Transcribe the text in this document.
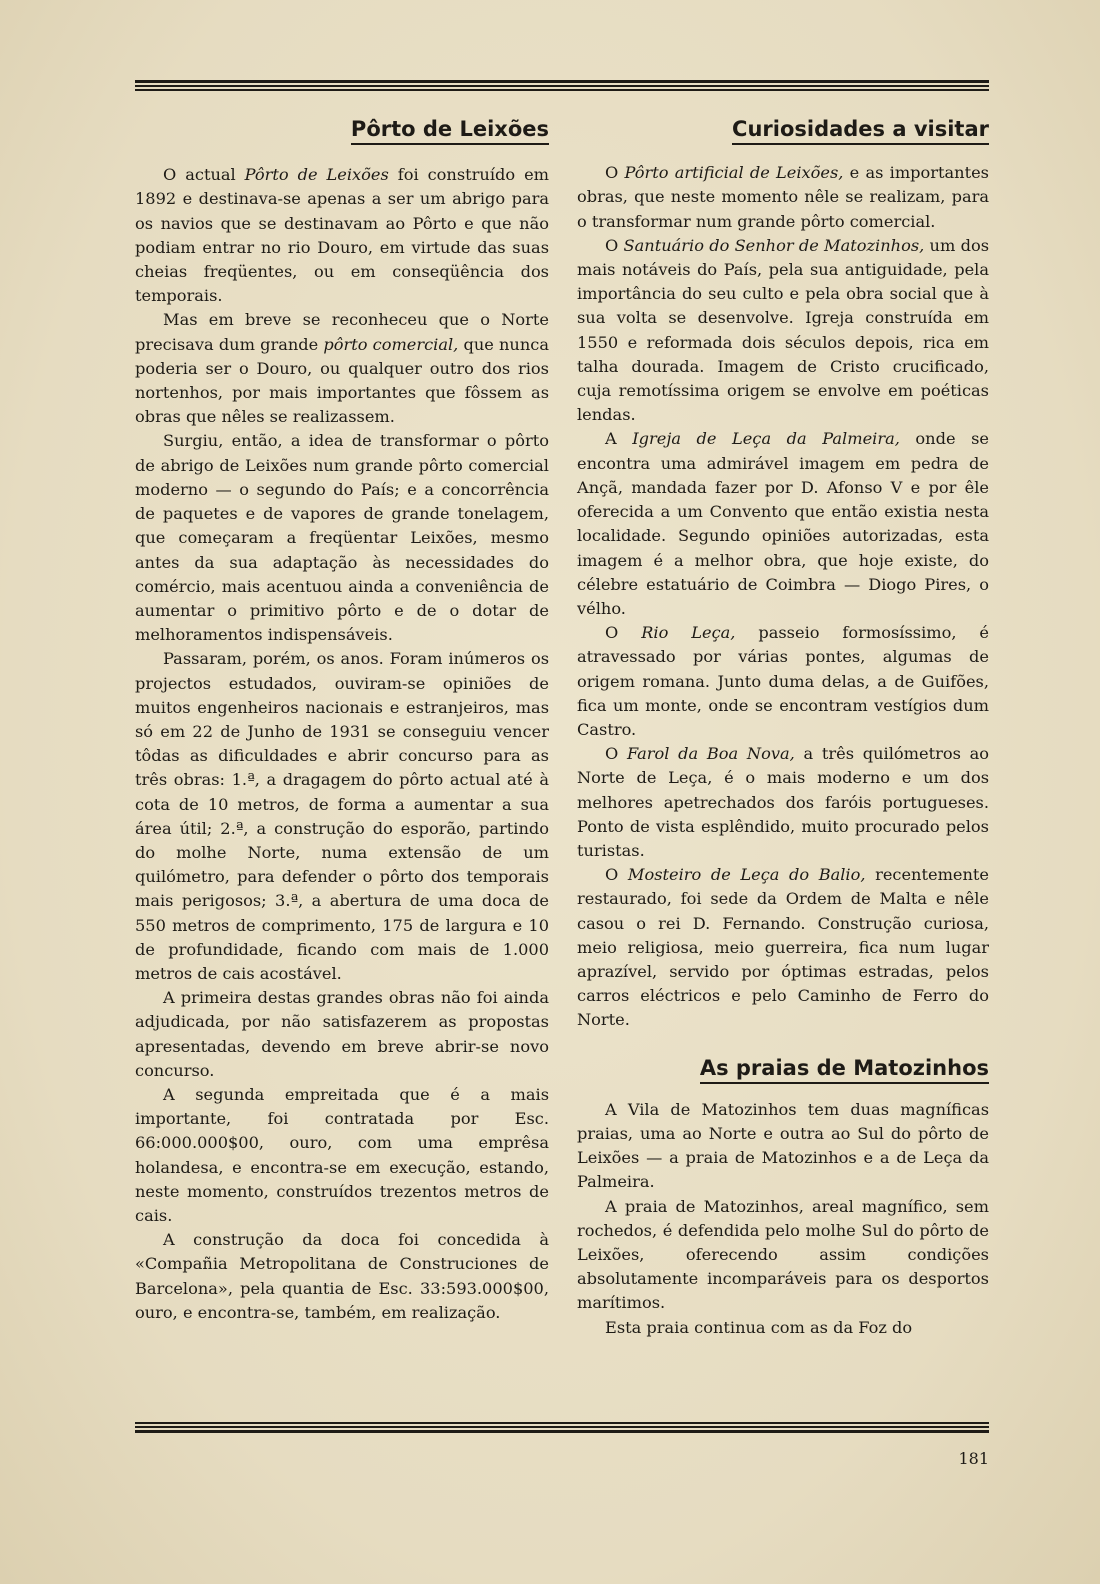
Pôrto de Leixões

O actual Pôrto de Leixões foi construído em 1892 e destinava-se apenas a ser um abrigo para os navios que se destinavam ao Pôrto e que não podiam entrar no rio Douro, em virtude das suas cheias freqüentes, ou em conseqüência dos temporais.

Mas em breve se reconheceu que o Norte precisava dum grande pôrto comercial, que nunca poderia ser o Douro, ou qualquer outro dos rios nortenhos, por mais importantes que fôssem as obras que nêles se realizassem.

Surgiu, então, a idea de transformar o pôrto de abrigo de Leixões num grande pôrto comercial moderno — o segundo do País; e a concorrência de paquetes e de vapores de grande tonelagem, que começaram a freqüentar Leixões, mesmo antes da sua adaptação às necessidades do comércio, mais acentuou ainda a conveniência de aumentar o primitivo pôrto e de o dotar de melhoramentos indispensáveis.

Passaram, porém, os anos. Foram inúmeros os projectos estudados, ouviram-se opiniões de muitos engenheiros nacionais e estranjeiros, mas só em 22 de Junho de 1931 se conseguiu vencer tôdas as dificuldades e abrir concurso para as três obras: 1.ª, a dragagem do pôrto actual até à cota de 10 metros, de forma a aumentar a sua área útil; 2.ª, a construção do esporão, partindo do molhe Norte, numa extensão de um quilómetro, para defender o pôrto dos temporais mais perigosos; 3.ª, a abertura de uma doca de 550 metros de comprimento, 175 de largura e 10 de profundidade, ficando com mais de 1.000 metros de cais acostável.

A primeira destas grandes obras não foi ainda adjudicada, por não satisfazerem as propostas apresentadas, devendo em breve abrir-se novo concurso.

A segunda empreitada que é a mais importante, foi contratada por Esc. 66:000.000$00, ouro, com uma emprêsa holandesa, e encontra-se em execução, estando, neste momento, construídos trezentos metros de cais.

A construção da doca foi concedida à «Compañia Metropolitana de Construciones de Barcelona», pela quantia de Esc. 33:593.000$00, ouro, e encontra-se, também, em realização.

Curiosidades a visitar

O Pôrto artificial de Leixões, e as importantes obras, que neste momento nêle se realizam, para o transformar num grande pôrto comercial.

O Santuário do Senhor de Matozinhos, um dos mais notáveis do País, pela sua antiguidade, pela importância do seu culto e pela obra social que à sua volta se desenvolve. Igreja construída em 1550 e reformada dois séculos depois, rica em talha dourada. Imagem de Cristo crucificado, cuja remotíssima origem se envolve em poéticas lendas.

A Igreja de Leça da Palmeira, onde se encontra uma admirável imagem em pedra de Ançã, mandada fazer por D. Afonso V e por êle oferecida a um Convento que então existia nesta localidade. Segundo opiniões autorizadas, esta imagem é a melhor obra, que hoje existe, do célebre estatuário de Coimbra — Diogo Pires, o vélho.

O Rio Leça, passeio formosíssimo, é atravessado por várias pontes, algumas de origem romana. Junto duma delas, a de Guifões, fica um monte, onde se encontram vestígios dum Castro.

O Farol da Boa Nova, a três quilómetros ao Norte de Leça, é o mais moderno e um dos melhores apetrechados dos faróis portugueses. Ponto de vista esplêndido, muito procurado pelos turistas.

O Mosteiro de Leça do Balio, recentemente restaurado, foi sede da Ordem de Malta e nêle casou o rei D. Fernando. Construção curiosa, meio religiosa, meio guerreira, fica num lugar aprazível, servido por óptimas estradas, pelos carros eléctricos e pelo Caminho de Ferro do Norte.

As praias de Matozinhos

A Vila de Matozinhos tem duas magníficas praias, uma ao Norte e outra ao Sul do pôrto de Leixões — a praia de Matozinhos e a de Leça da Palmeira.

A praia de Matozinhos, areal magnífico, sem rochedos, é defendida pelo molhe Sul do pôrto de Leixões, oferecendo assim condições absolutamente incomparáveis para os desportos marítimos.

Esta praia continua com as da Foz do

181
